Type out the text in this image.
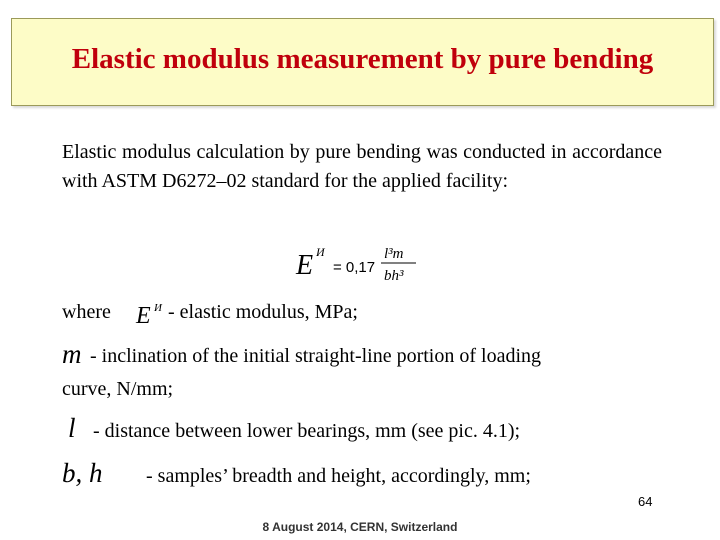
Elastic modulus measurement by pure bending
Elastic modulus calculation by pure bending was conducted in accordance with ASTM D6272–02 standard for the applied facility:
E И
= 0,17
l³m
bh³
where E И - elastic modulus, MPa;
m - inclination of the initial straight-line portion of loading
curve, N/mm;
l - distance between lower bearings, mm (see pic. 4.1);
b, h - samples’ breadth and height, accordingly, mm;
64
8 August 2014, CERN, Switzerland
